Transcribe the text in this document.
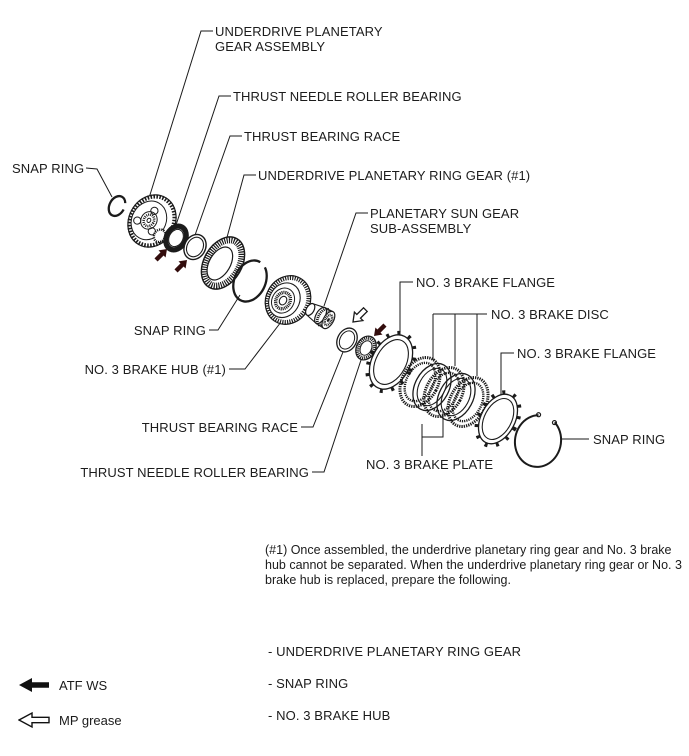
UNDERDRIVE PLANETARY
GEAR ASSEMBLY
THRUST NEEDLE ROLLER BEARING
THRUST BEARING RACE
SNAP RING	UNDERDRIVE PLANETARY RING GEAR (#1)
PLANETARY SUN GEAR
SUB-ASSEMBLY
SNAP RING
NO. 3 BRAKE HUB (#1)
THRUST BEARING RACE
THRUST NEEDLE ROLLER BEARING
NO. 3 BRAKE FLANGE
NO. 3 BRAKE DISC
NO. 3 BRAKE FLANGE
SNAP RING
NO. 3 BRAKE PLATE
(#1) Once assembled, the underdrive planetary ring gear and No. 3 brake hub cannot be separated. When the underdrive planetary ring gear or No. 3 brake hub is replaced, prepare the following.
ATF WS
MP grease
- UNDERDRIVE PLANETARY RING GEAR
- SNAP RING
- NO. 3 BRAKE HUB
